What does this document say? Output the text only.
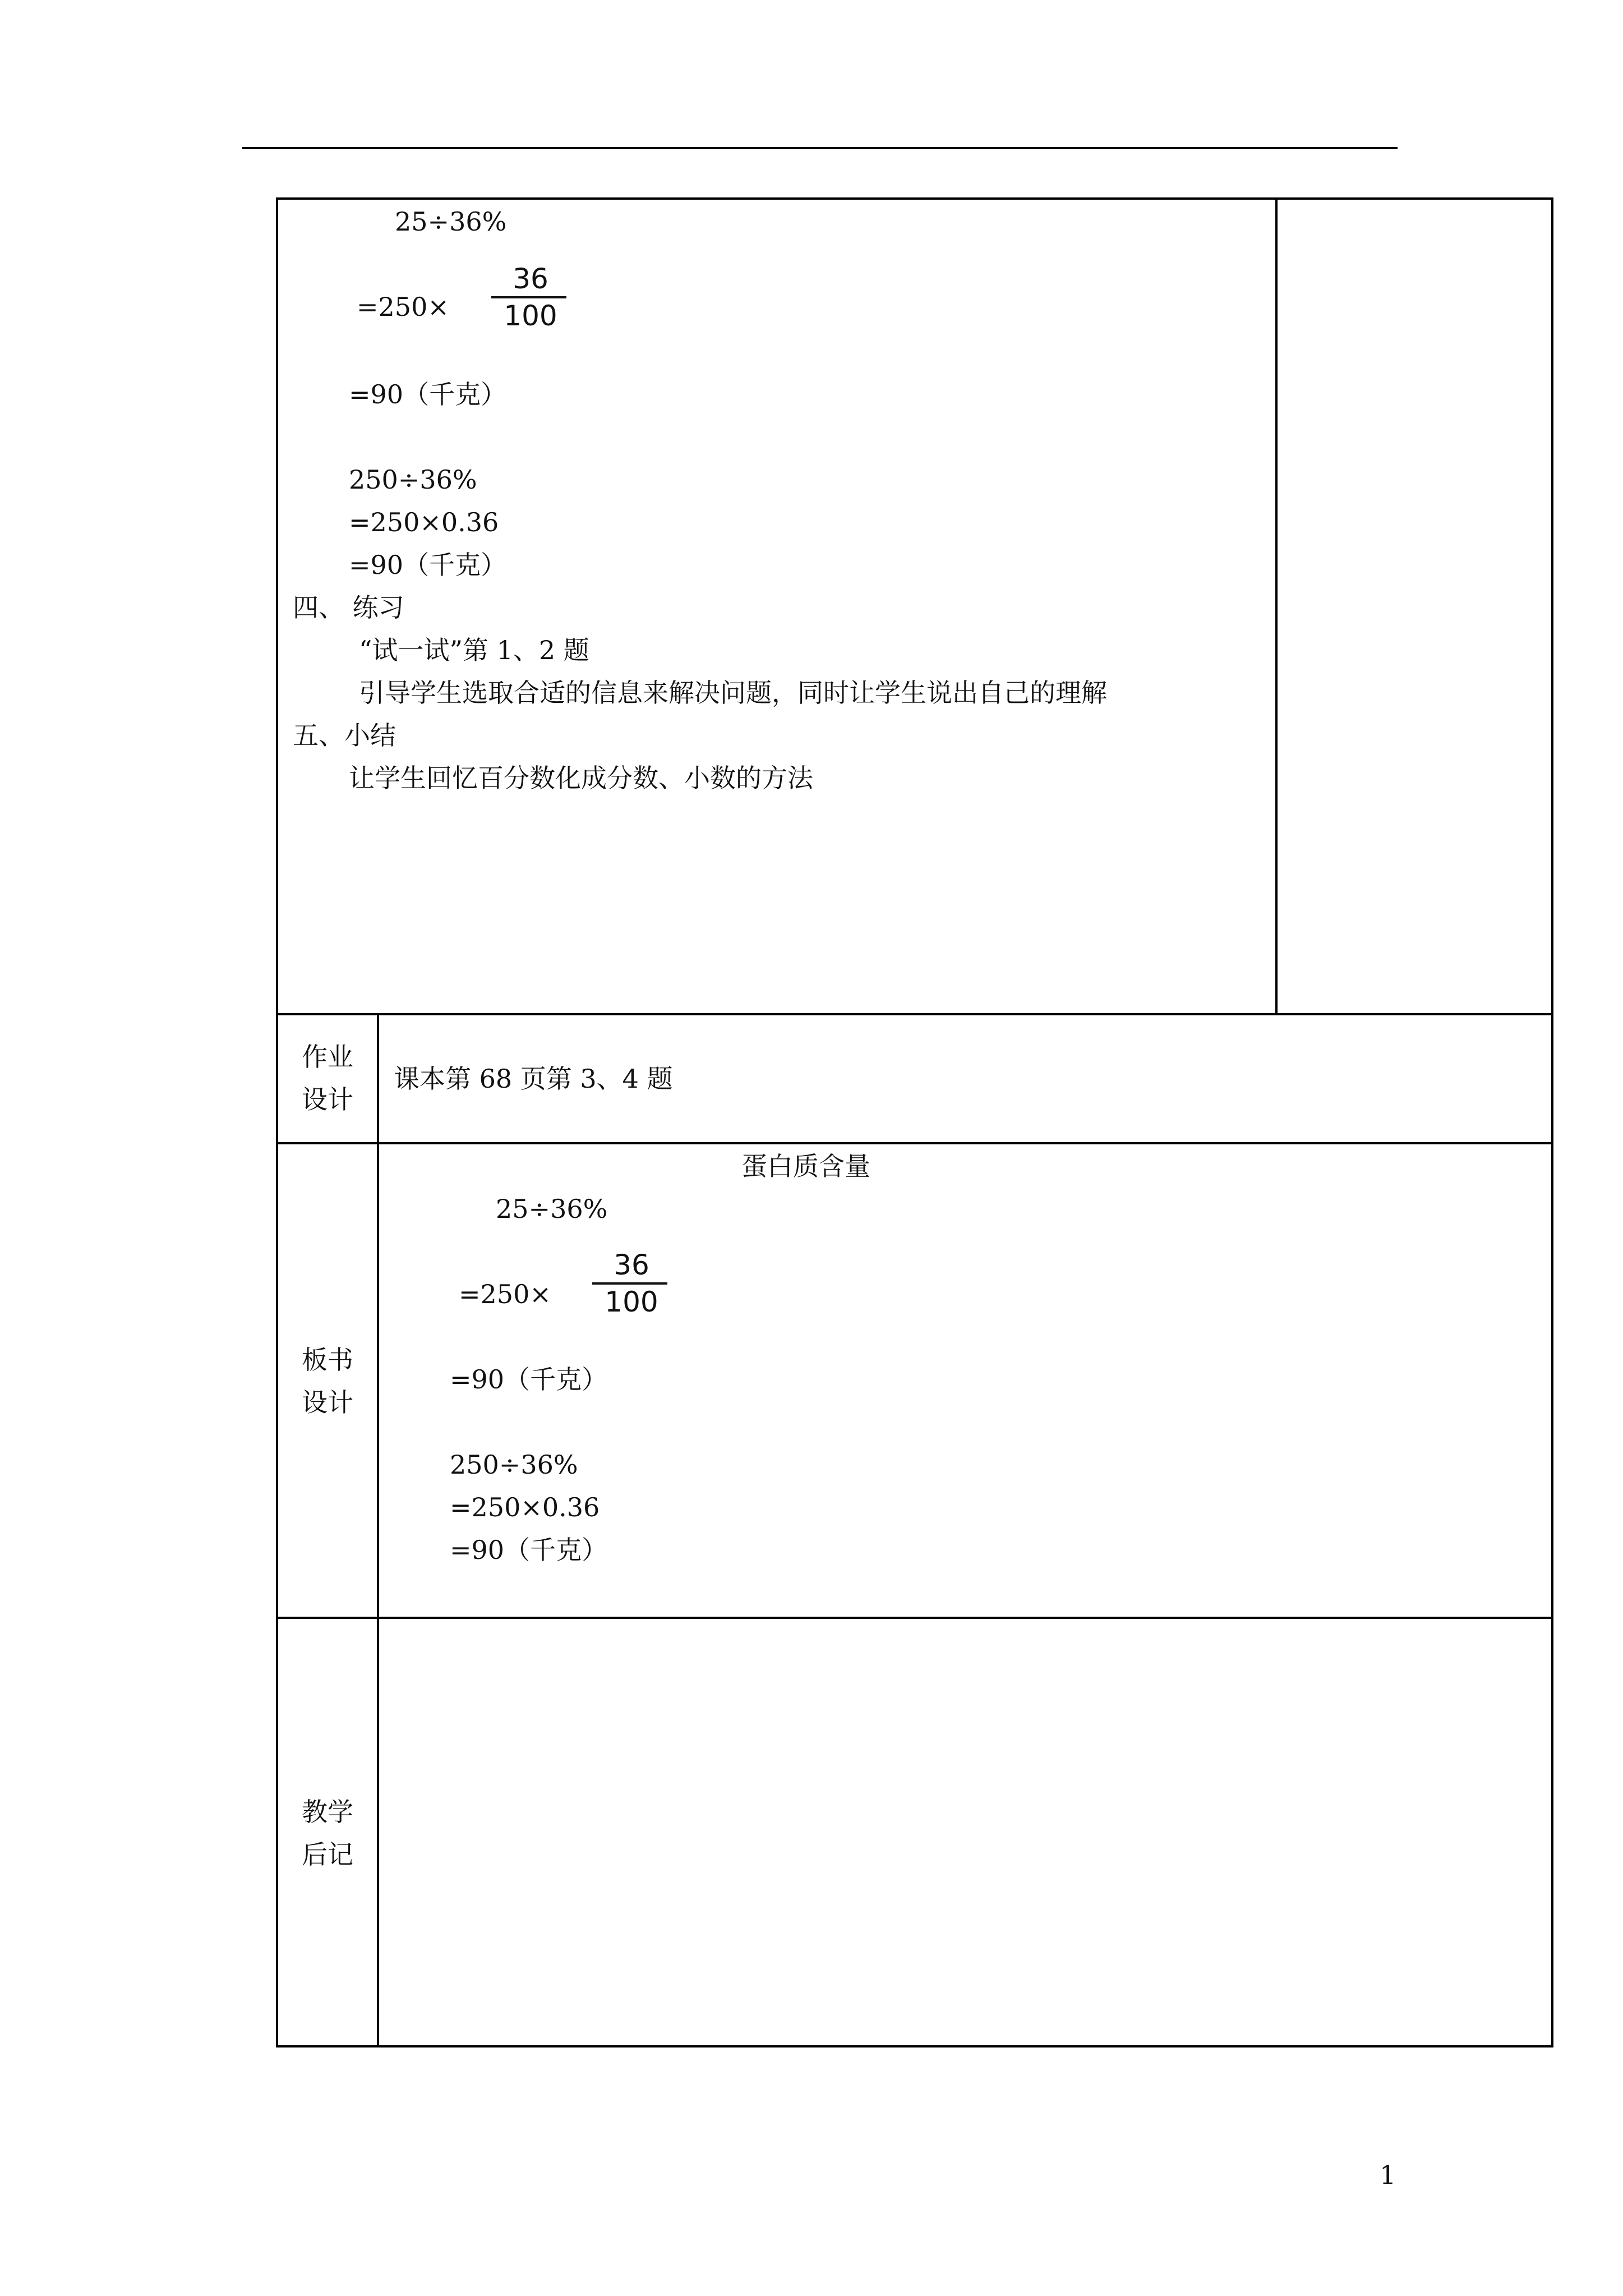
25÷36%
=250×
36
100
=90（千克）
250÷36%
=250×0.36
=90（千克）
四、 练习
“试一试”第 1、2 题
引导学生选取合适的信息来解决问题，同时让学生说出自己的理解
五、小结
让学生回忆百分数化成分数、小数的方法
作业
设计
课本第 68 页第 3、4 题
板书
设计
蛋白质含量
25÷36%
=250×
36
100
=90（千克）
250÷36%
=250×0.36
=90（千克）
教学
后记
1
